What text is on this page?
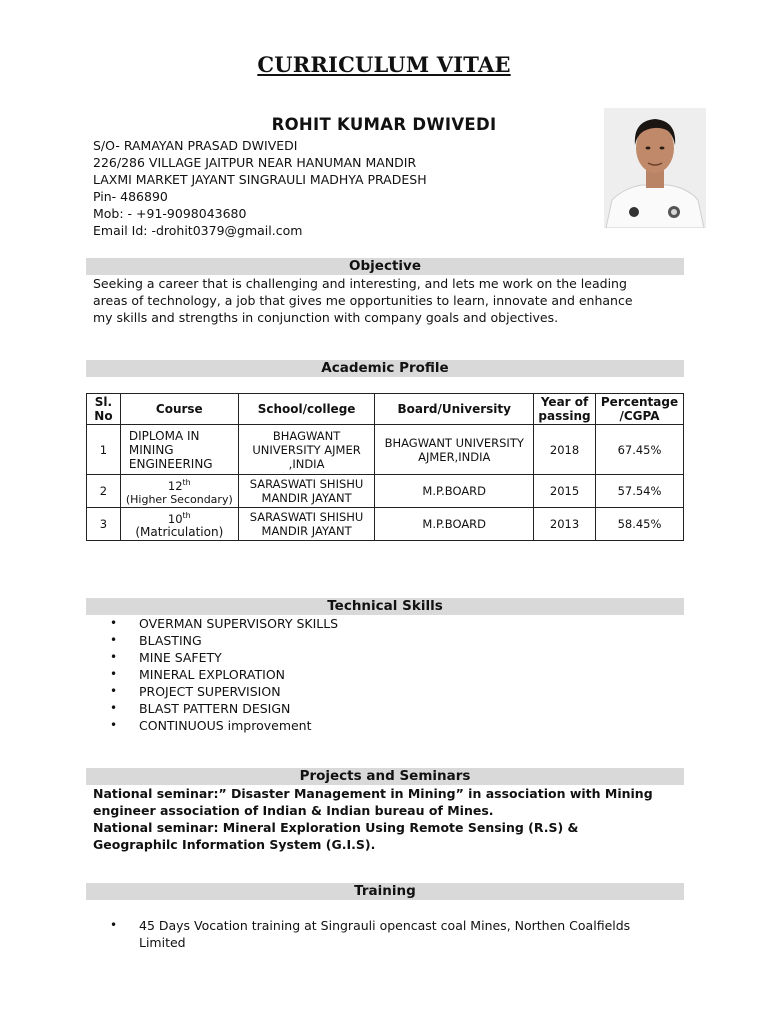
CURRICULUM VITAE
ROHIT KUMAR DWIVEDI
S/O- RAMAYAN PRASAD DWIVEDI
226/286 VILLAGE JAITPUR NEAR HANUMAN MANDIR
LAXMI MARKET JAYANT SINGRAULI MADHYA PRADESH
Pin- 486890
Mob: - +91-9098043680
Email Id: -drohit0379@gmail.com
Objective
Seeking a career that is challenging and interesting, and lets me work on the leading
areas of technology, a job that gives me opportunities to learn, innovate and enhance
my skills and strengths in conjunction with company goals and objectives.
Academic Profile
Sl. No	Course	School/college	Board/University	Year of passing	Percentage /CGPA
1	DIPLOMA IN MINING ENGINEERING	BHAGWANT UNIVERSITY AJMER ,INDIA	BHAGWANT UNIVERSITY AJMER,INDIA	2018	67.45%
2	12th
(Higher Secondary)	SARASWATI SHISHU MANDIR JAYANT	M.P.BOARD	2015	57.54%
3	10th
(Matriculation)	SARASWATI SHISHU MANDIR JAYANT	M.P.BOARD	2013	58.45%
Technical Skills
• OVERMAN SUPERVISORY SKILLS
• BLASTING
• MINE SAFETY
• MINERAL EXPLORATION
• PROJECT SUPERVISION
• BLAST PATTERN DESIGN
• CONTINUOUS improvement
Projects and Seminars
National seminar:” Disaster Management in Mining” in association with Mining
engineer association of Indian & Indian bureau of Mines.
National seminar: Mineral Exploration Using Remote Sensing (R.S) &
Geographilc Information System (G.I.S).
Training
• 45 Days Vocation training at Singrauli opencast coal Mines, Northen Coalfields
Limited
